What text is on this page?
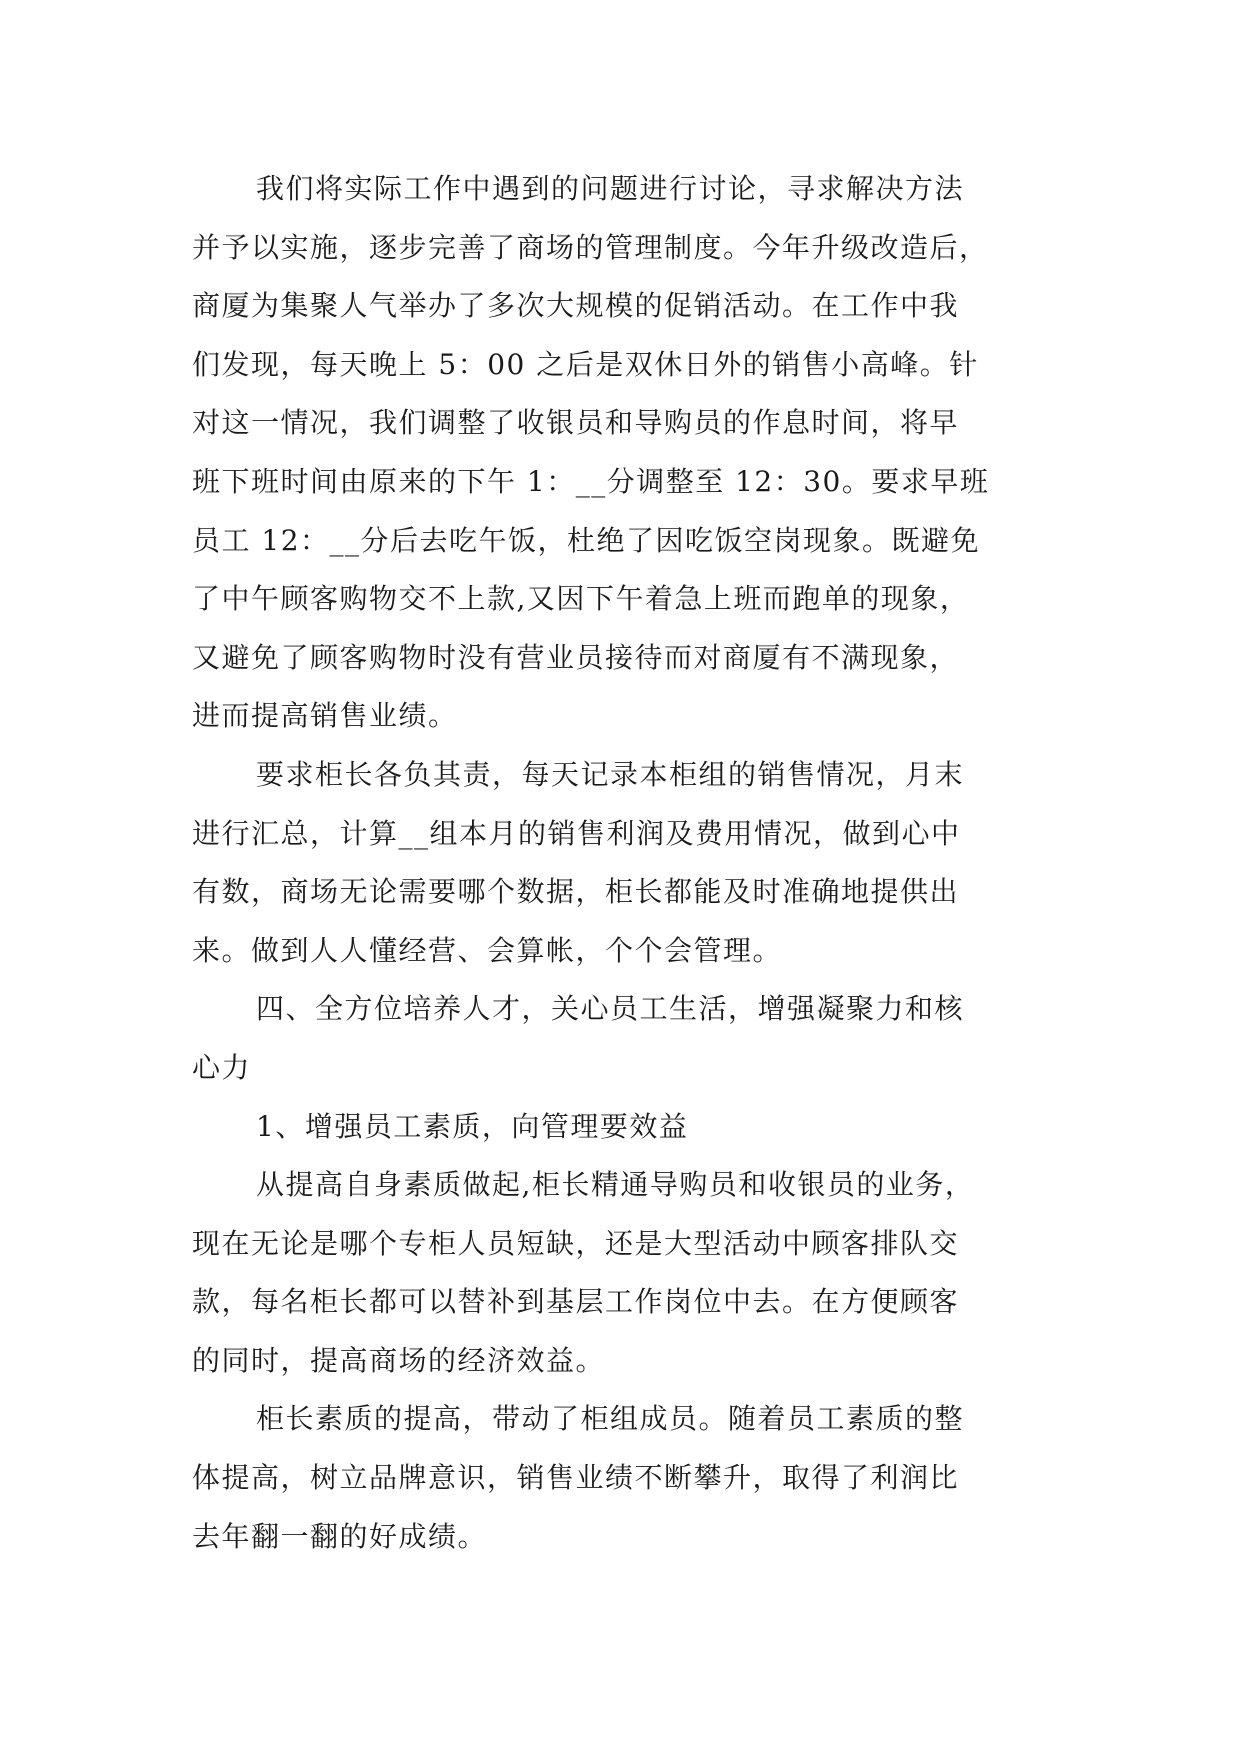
我们将实际工作中遇到的问题进行讨论，寻求解决方法
并予以实施，逐步完善了商场的管理制度。今年升级改造后，
商厦为集聚人气举办了多次大规模的促销活动。在工作中我
们发现，每天晚上 5：00 之后是双休日外的销售小高峰。针
对这一情况，我们调整了收银员和导购员的作息时间，将早
班下班时间由原来的下午 1：__分调整至 12：30。要求早班
员工 12：__分后去吃午饭，杜绝了因吃饭空岗现象。既避免
了中午顾客购物交不上款,又因下午着急上班而跑单的现象，
又避免了顾客购物时没有营业员接待而对商厦有不满现象，
进而提高销售业绩。
要求柜长各负其责，每天记录本柜组的销售情况，月末
进行汇总，计算__组本月的销售利润及费用情况，做到心中
有数，商场无论需要哪个数据，柜长都能及时准确地提供出
来。做到人人懂经营、会算帐，个个会管理。
四、全方位培养人才，关心员工生活，增强凝聚力和核
心力
1、增强员工素质，向管理要效益
从提高自身素质做起,柜长精通导购员和收银员的业务，
现在无论是哪个专柜人员短缺，还是大型活动中顾客排队交
款，每名柜长都可以替补到基层工作岗位中去。在方便顾客
的同时，提高商场的经济效益。
柜长素质的提高，带动了柜组成员。随着员工素质的整
体提高，树立品牌意识，销售业绩不断攀升，取得了利润比
去年翻一翻的好成绩。
